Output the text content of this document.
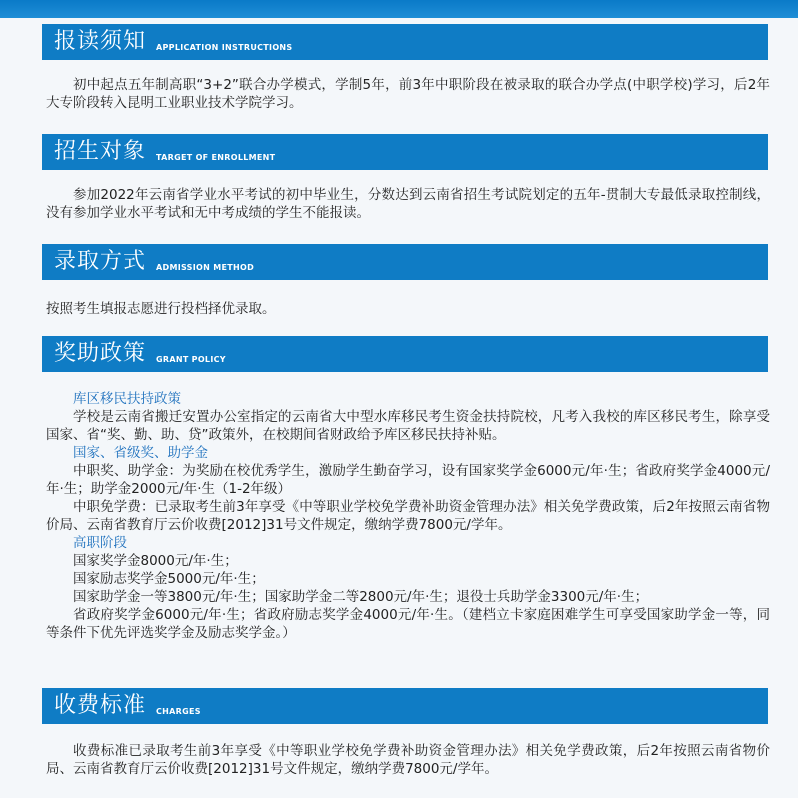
报读须知 APPLICATION INSTRUCTIONS

初中起点五年制高职“3+2”联合办学模式，学制5年，前3年中职阶段在被录取的联合办学点(中职学校)学习，后2年大专阶段转入昆明工业职业技术学院学习。

招生对象 TARGET OF ENROLLMENT

参加2022年云南省学业水平考试的初中毕业生，分数达到云南省招生考试院划定的五年-贯制大专最低录取控制线，没有参加学业水平考试和无中考成绩的学生不能报读。

录取方式 ADMISSION METHOD

按照考生填报志愿进行投档择优录取。

奖助政策 GRANT POLICY

库区移民扶持政策

学校是云南省搬迁安置办公室指定的云南省大中型水库移民考生资金扶持院校，凡考入我校的库区移民考生，除享受国家、省“奖、勤、助、贷”政策外，在校期间省财政给予库区移民扶持补贴。

国家、省级奖、助学金

中职奖、助学金：为奖励在校优秀学生，激励学生勤奋学习，设有国家奖学金6000元/年·生；省政府奖学金4000元/年·生；助学金2000元/年·生（1-2年级）

中职免学费：已录取考生前3年享受《中等职业学校免学费补助资金管理办法》相关免学费政策，后2年按照云南省物价局、云南省教育厅云价收费[2012]31号文件规定，缴纳学费7800元/学年。

高职阶段

国家奖学金8000元/年·生；

国家励志奖学金5000元/年·生；

国家助学金一等3800元/年·生；国家助学金二等2800元/年·生；退役士兵助学金3300元/年·生；

省政府奖学金6000元/年·生；省政府励志奖学金4000元/年·生。（建档立卡家庭困难学生可享受国家助学金一等，同等条件下优先评选奖学金及励志奖学金。）

收费标准 CHARGES

收费标准已录取考生前3年享受《中等职业学校免学费补助资金管理办法》相关免学费政策，后2年按照云南省物价局、云南省教育厅云价收费[2012]31号文件规定，缴纳学费7800元/学年。
